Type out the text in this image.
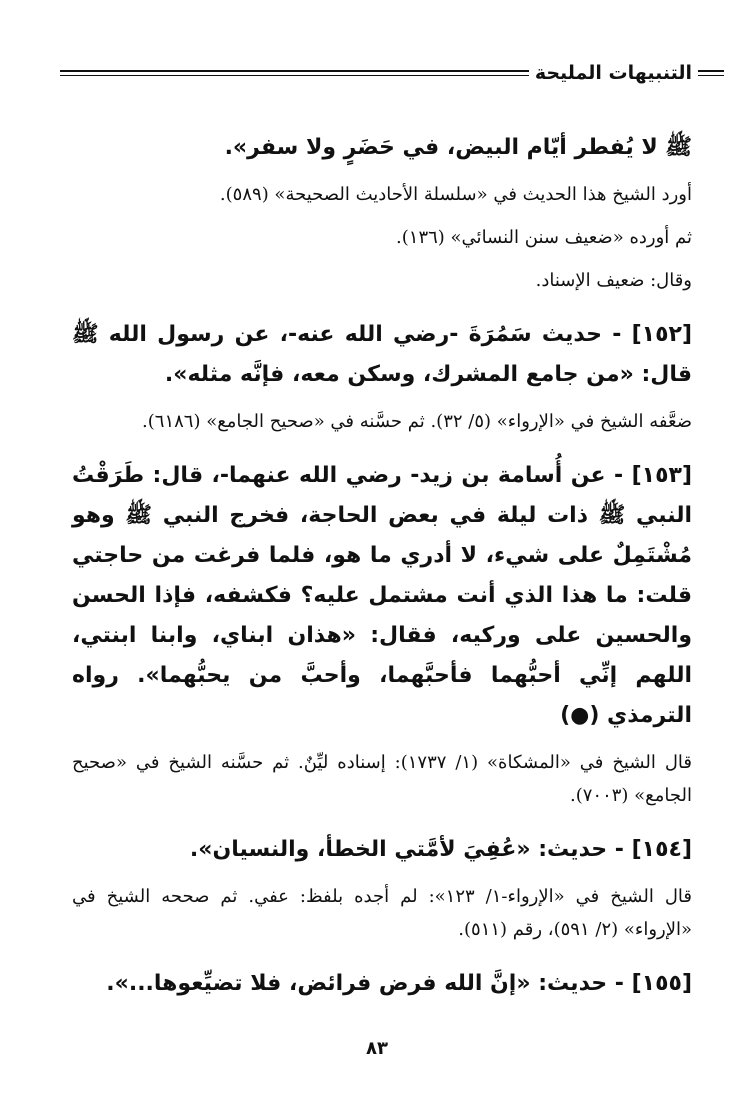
التنبيهات المليحة

ﷺ لا يُفطر أيّام البيض، في حَضَرٍ ولا سفر».

أورد الشيخ هذا الحديث في «سلسلة الأحاديث الصحيحة» (٥٨٩).

ثم أورده «ضعيف سنن النسائي» (١٣٦).

وقال: ضعيف الإسناد.

[١٥٢] - حديث سَمُرَةَ -رضي الله عنه-، عن رسول الله ﷺ قال: «من جامع المشرك، وسكن معه، فإنَّه مثله».

ضعَّفه الشيخ في «الإرواء» (٥/ ٣٢). ثم حسَّنه في «صحيح الجامع» (٦١٨٦).

[١٥٣] - عن أُسامة بن زيد- رضي الله عنهما-، قال: طَرَقْتُ النبي ﷺ ذات ليلة في بعض الحاجة، فخرج النبي ﷺ وهو مُشْتَمِلٌ على شيء، لا أدري ما هو، فلما فرغت من حاجتي قلت: ما هذا الذي أنت مشتمل عليه؟ فكشفه، فإذا الحسن والحسين على وركيه، فقال: «هذان ابناي، وابنا ابنتي، اللهم إنِّي أحبُّهما فأحبَّهما، وأحبَّ من يحبُّهما». رواه الترمذي (●)

قال الشيخ في «المشكاة» (١/ ١٧٣٧): إسناده ليِّنٌ. ثم حسَّنه الشيخ في «صحيح الجامع» (٧٠٠٣).

[١٥٤] - حديث: «عُفِيَ لأمَّتي الخطأ، والنسيان».

قال الشيخ في «الإرواء-١/ ١٢٣»: لم أجده بلفظ: عفي. ثم صححه الشيخ في «الإرواء» (٢/ ٥٩١)، رقم (٥١١).

[١٥٥] - حديث: «إنَّ الله فرض فرائض، فلا تضيِّعوها...».

٨٣
